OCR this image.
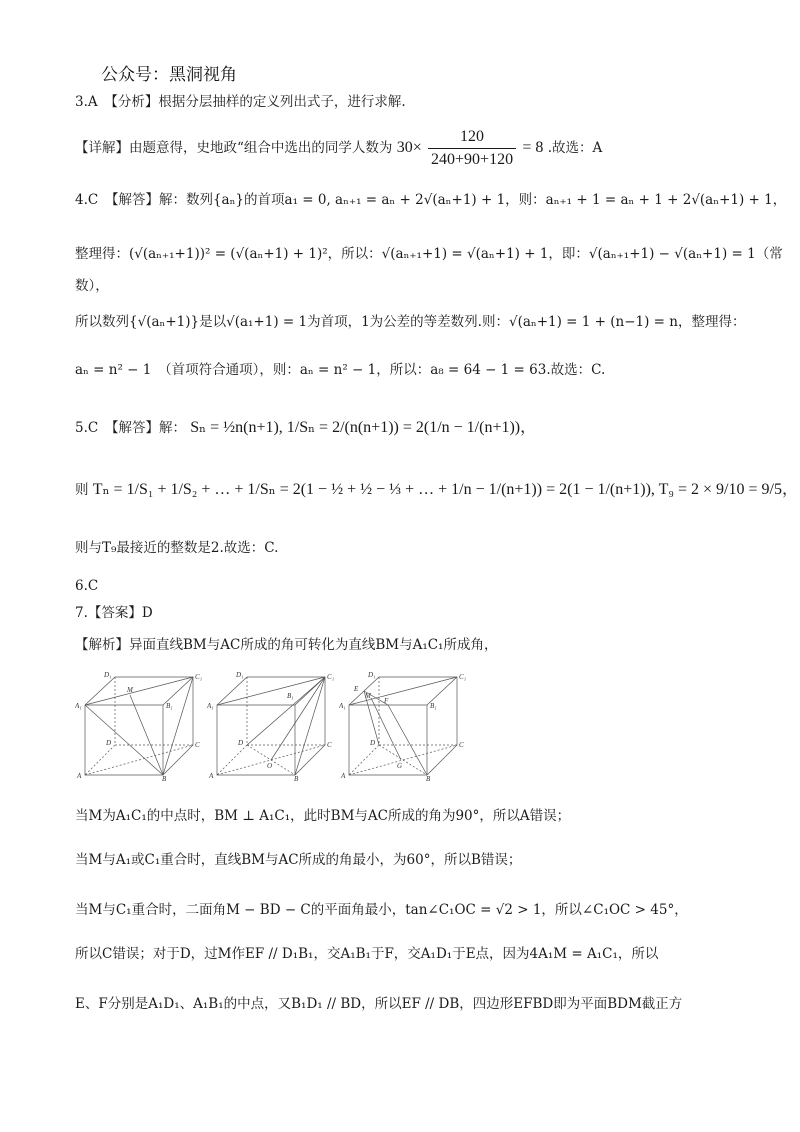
公众号：黑洞视角
3.A　【分析】根据分层抽样的定义列出式子，进行求解.
【详解】由题意得，史地政“组合中选出的同学人数为 $30\times \frac{120}{240+90+120} = 8$ .故选：A
4.C　【解答】解：数列{aₙ}的首项a₁ = 0, aₙ₊₁ = aₙ + 2√(aₙ+1) + 1，则：aₙ₊₁ + 1 = aₙ + 1 + 2√(aₙ+1) + 1，
整理得：(√(aₙ₊₁+1))² = (√(aₙ+1) + 1)²，所以：√(aₙ₊₁+1) = √(aₙ+1) + 1，即：√(aₙ₊₁+1) − √(aₙ+1) = 1（常
数），
所以数列{√(aₙ+1)}是以√(a₁+1) = 1为首项，1为公差的等差数列.则：√(aₙ+1) = 1 + (n−1) = n，整理得：
aₙ = n² − 1　（首项符合通项），则：aₙ = n² − 1，所以：a₈ = 64 − 1 = 63.故选：C.
5.C　【解答】解： Sₙ = ½n(n+1), 1/Sₙ = 2/(n(n+1)) = 2(1/n − 1/(n+1))，
则 Tₙ = 1/S₁ + 1/S₂ + … + 1/Sₙ = 2(1 − ½ + ½ − ⅓ + … + 1/n − 1/(n+1)) = 2(1 − 1/(n+1)), T₉ = 2 × 9/10 = 9/5，
则与T₉最接近的整数是2.故选：C.
6.C
7.【答案】D
【解析】异面直线BM与AC所成的角可转化为直线BM与A₁C₁所成角，
D₁
M
C₁
A₁	B₁
D	C
A	B
D₁	C₁
A₁
B₁
D
O
C
A	B
D₁
E
M
C₁
A₁
F
B₁
D
G
C
A	B
当M为A₁C₁的中点时，BM ⊥ A₁C₁，此时BM与AC所成的角为90°，所以A错误；
当M与A₁或C₁重合时，直线BM与AC所成的角最小，为60°，所以B错误；
当M与C₁重合时，二面角M − BD − C的平面角最小，tan∠C₁OC = √2 > 1，所以∠C₁OC > 45°，
所以C错误；对于D，过M作EF // D₁B₁，交A₁B₁于F，交A₁D₁于E点，因为4A₁M = A₁C₁，所以
E、F分别是A₁D₁、A₁B₁的中点，又B₁D₁ // BD，所以EF // DB，四边形EFBD即为平面BDM截正方
